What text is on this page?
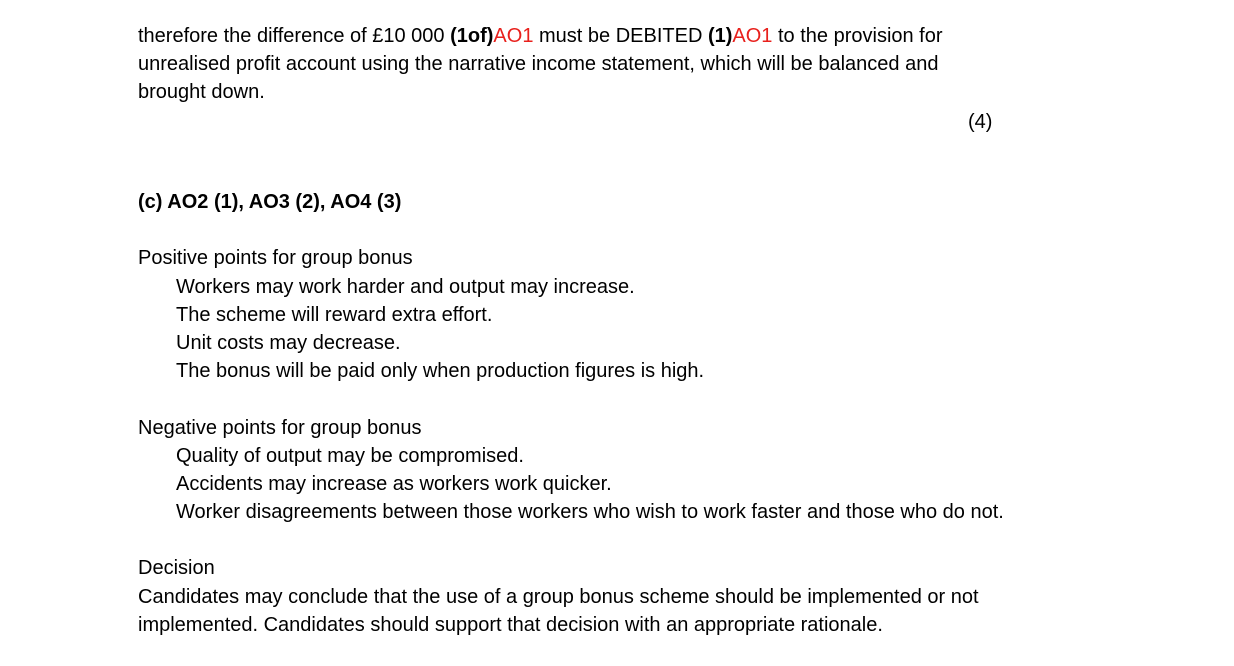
therefore the difference of £10 000 (1of)AO1 must be DEBITED (1)AO1 to the provision for
unrealised profit account using the narrative income statement, which will be balanced and
brought down.
(4)
(c) AO2 (1), AO3 (2), AO4 (3)
Positive points for group bonus
Workers may work harder and output may increase.
The scheme will reward extra effort.
Unit costs may decrease.
The bonus will be paid only when production figures is high.
Negative points for group bonus
Quality of output may be compromised.
Accidents may increase as workers work quicker.
Worker disagreements between those workers who wish to work faster and those who do not.
Decision
Candidates may conclude that the use of a group bonus scheme should be implemented or not
implemented. Candidates should support that decision with an appropriate rationale.
